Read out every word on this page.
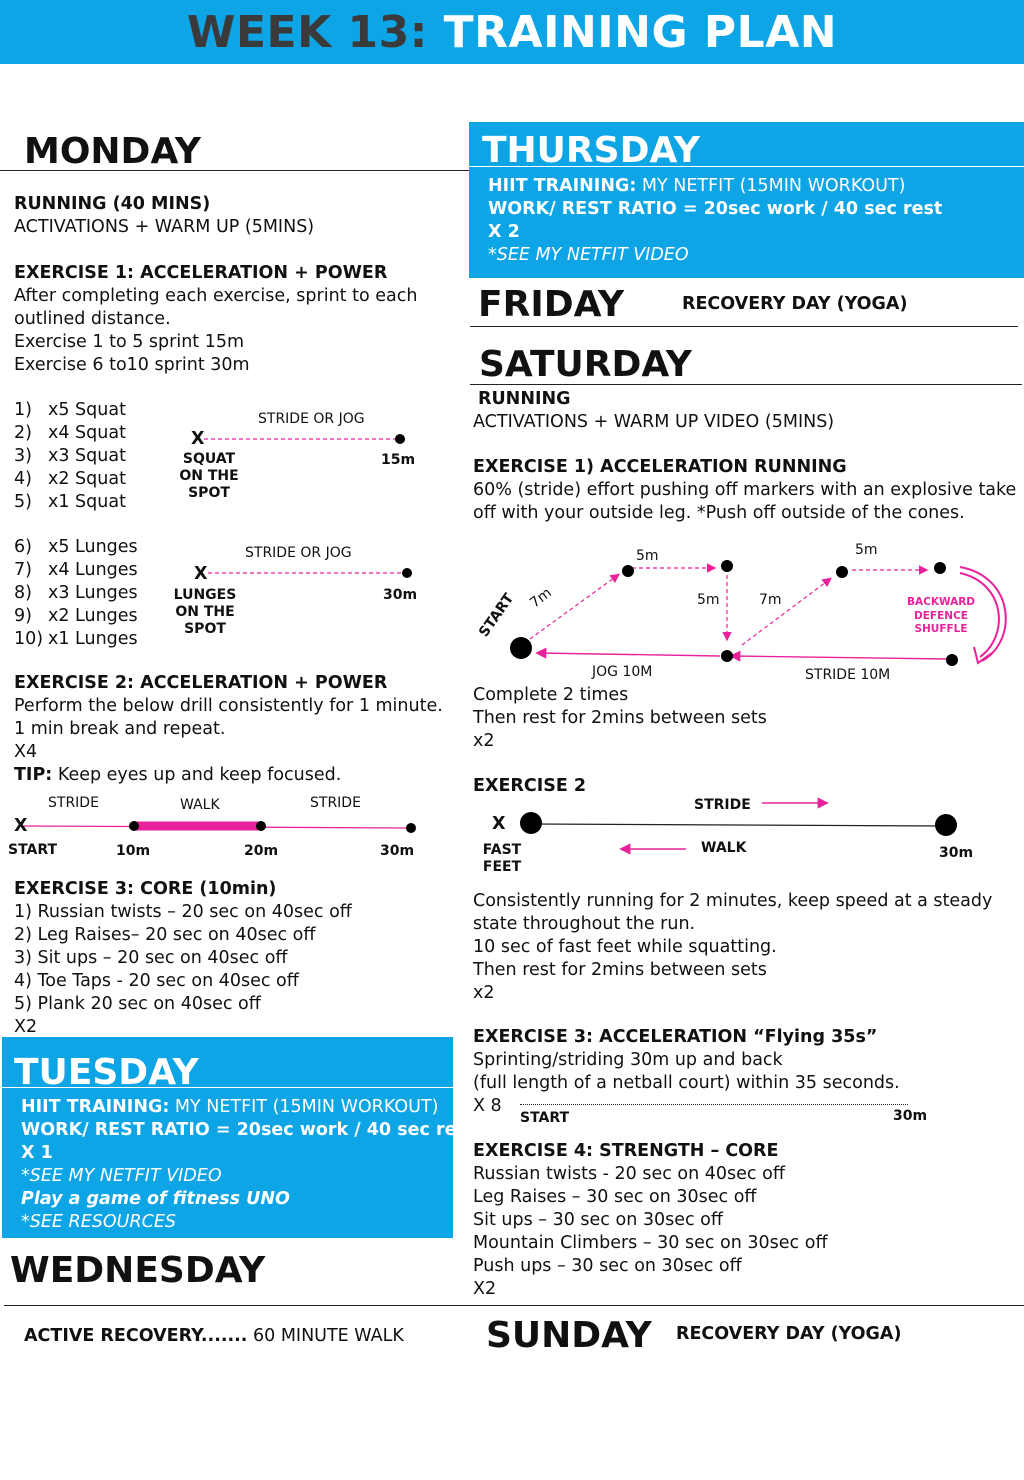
WEEK 13: TRAINING PLAN
MONDAY
RUNNING (40 MINS)
ACTIVATIONS + WARM UP (5MINS)
EXERCISE 1: ACCELERATION + POWER
After completing each exercise, sprint to each
outlined distance.
Exercise 1 to 5 sprint 15m
Exercise 6 to10 sprint 30m
1) x5 Squat
2) x4 Squat
3) x3 Squat
4) x2 Squat
5) x1 Squat
STRIDE OR JOG
X
SQUAT
ON THE
SPOT
15m
6) x5 Lunges
7) x4 Lunges
8) x3 Lunges
9) x2 Lunges
10) x1 Lunges
STRIDE OR JOG
X
LUNGES
ON THE
SPOT
30m
EXERCISE 2: ACCELERATION + POWER
Perform the below drill consistently for 1 minute.
1 min break and repeat.
X4
TIP: Keep eyes up and keep focused.
STRIDE	WALK	STRIDE
X
START	10m	20m	30m
EXERCISE 3: CORE (10min)
1) Russian twists – 20 sec on 40sec off
2) Leg Raises– 20 sec on 40sec off
3) Sit ups – 20 sec on 40sec off
4) Toe Taps - 20 sec on 40sec off
5) Plank 20 sec on 40sec off
X2
TUESDAY
HIIT TRAINING: MY NETFIT (15MIN WORKOUT)
WORK/ REST RATIO = 20sec work / 40 sec rest
X 1
*SEE MY NETFIT VIDEO
Play a game of fitness UNO
*SEE RESOURCES
WEDNESDAY
ACTIVE RECOVERY....... 60 MINUTE WALK
THURSDAY
HIIT TRAINING: MY NETFIT (15MIN WORKOUT)
WORK/ REST RATIO = 20sec work / 40 sec rest
X 2
*SEE MY NETFIT VIDEO
FRIDAY	RECOVERY DAY (YOGA)
SATURDAY
RUNNING
ACTIVATIONS + WARM UP VIDEO (5MINS)
EXERCISE 1) ACCELERATION RUNNING
60% (stride) effort pushing off markers with an explosive take
off with your outside leg. *Push off outside of the cones.
START 7m
5m
5m	7m
5m
JOG 10M	STRIDE 10M
BACKWARD
DEFENCE
SHUFFLE
Complete 2 times
Then rest for 2mins between sets
x2
EXERCISE 2
STRIDE
X
WALK
FAST
FEET
30m
Consistently running for 2 minutes, keep speed at a steady
state throughout the run.
10 sec of fast feet while squatting.
Then rest for 2mins between sets
x2
EXERCISE 3: ACCELERATION “Flying 35s”
Sprinting/striding 30m up and back
(full length of a netball court) within 35 seconds.
X 8
START	30m
EXERCISE 4: STRENGTH – CORE
Russian twists - 20 sec on 40sec off
Leg Raises – 30 sec on 30sec off
Sit ups – 30 sec on 30sec off
Mountain Climbers – 30 sec on 30sec off
Push ups – 30 sec on 30sec off
X2
SUNDAY RECOVERY DAY (YOGA)
